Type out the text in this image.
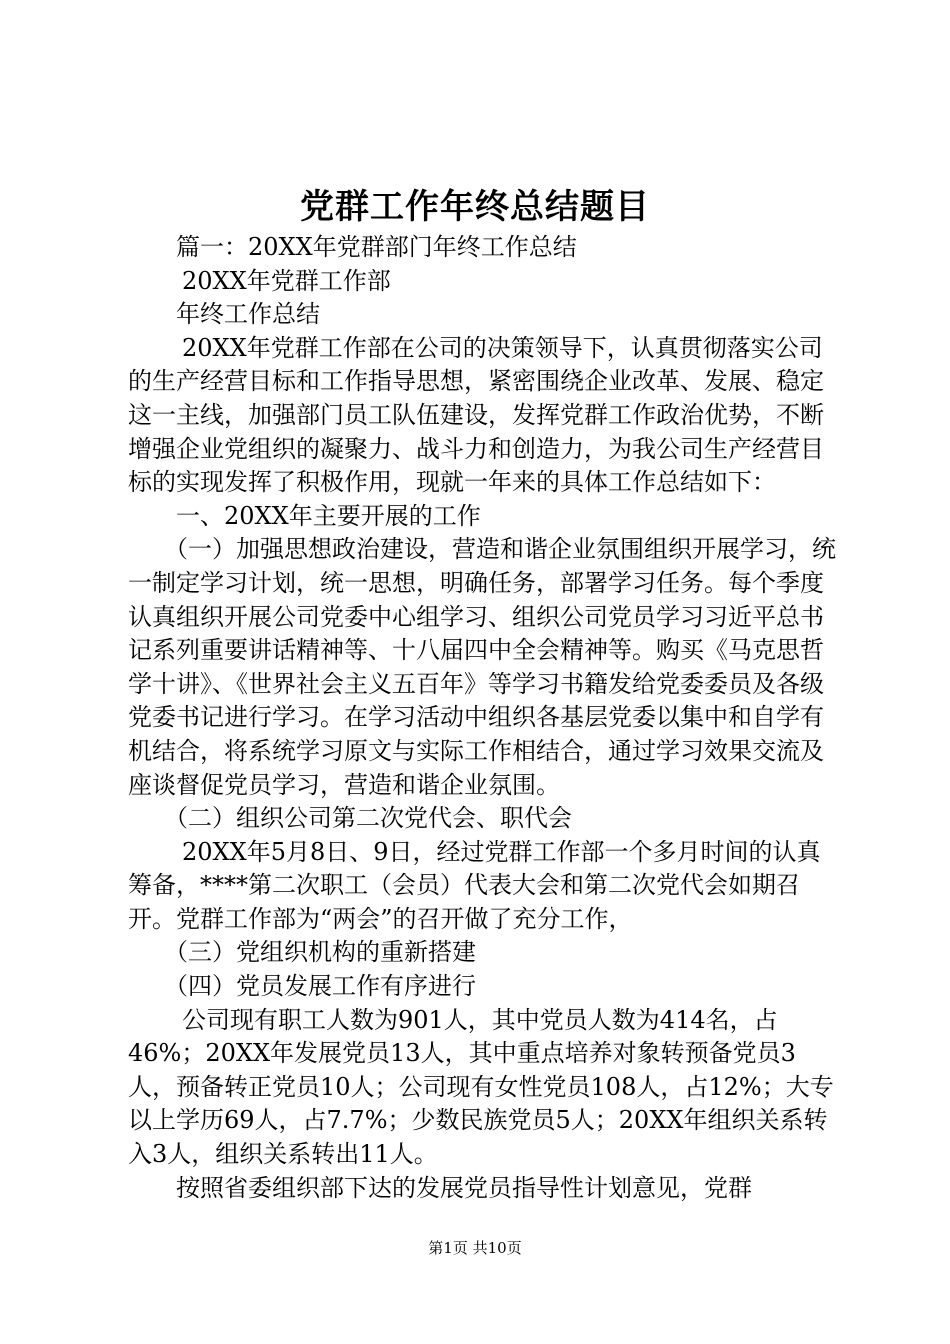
党群工作年终总结题目

篇一：20XX年党群部门年终工作总结

20XX年党群工作部

年终工作总结

20XX年党群工作部在公司的决策领导下，认真贯彻落实公司的生产经营目标和工作指导思想，紧密围绕企业改革、发展、稳定这一主线，加强部门员工队伍建设，发挥党群工作政治优势，不断增强企业党组织的凝聚力、战斗力和创造力，为我公司生产经营目标的实现发挥了积极作用，现就一年来的具体工作总结如下：

一、20XX年主要开展的工作

（一）加强思想政治建设，营造和谐企业氛围组织开展学习，统一制定学习计划，统一思想，明确任务，部署学习任务。每个季度认真组织开展公司党委中心组学习、组织公司党员学习习近平总书记系列重要讲话精神等、十八届四中全会精神等。购买《马克思哲学十讲》、《世界社会主义五百年》等学习书籍发给党委委员及各级党委书记进行学习。在学习活动中组织各基层党委以集中和自学有机结合，将系统学习原文与实际工作相结合，通过学习效果交流及座谈督促党员学习，营造和谐企业氛围。

（二）组织公司第二次党代会、职代会

20XX年5月8日、9日，经过党群工作部一个多月时间的认真筹备，****第二次职工（会员）代表大会和第二次党代会如期召开。党群工作部为“两会”的召开做了充分工作，

（三）党组织机构的重新搭建

（四）党员发展工作有序进行

公司现有职工人数为901人，其中党员人数为414名，占46%；20XX年发展党员13人，其中重点培养对象转预备党员3人，预备转正党员10人；公司现有女性党员108人，占12%；大专以上学历69人，占7.7%；少数民族党员5人；20XX年组织关系转入3人，组织关系转出11人。

按照省委组织部下达的发展党员指导性计划意见，党群

第1页 共10页
